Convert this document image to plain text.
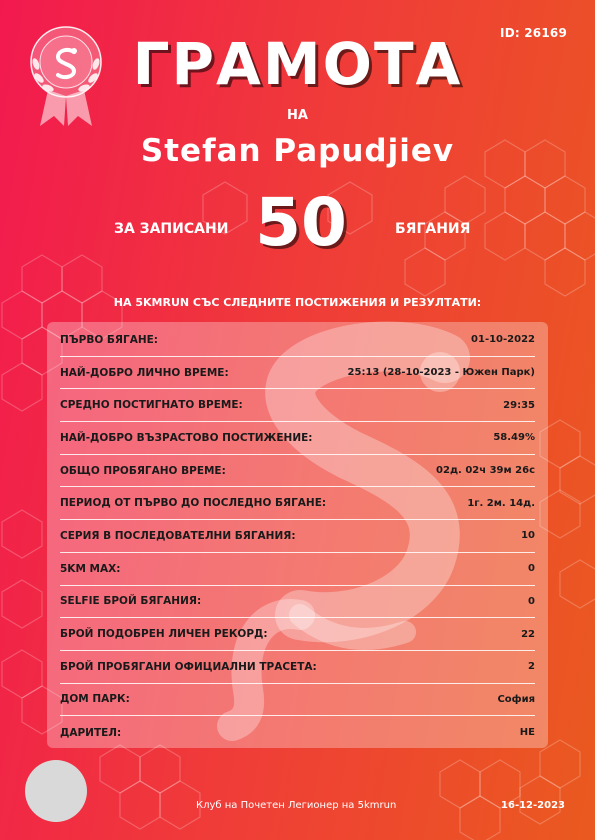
ID: 26169
ГРАМОТА
НА
Stefan Papudjiev
ЗА ЗАПИСАНИ 50	БЯГАНИЯ
НА 5KMRUN СЪС СЛЕДНИТЕ ПОСТИЖЕНИЯ И РЕЗУЛТАТИ:
ПЪРВО БЯГАНЕ:	01-10-2022
НАЙ-ДОБРО ЛИЧНО ВРЕМЕ:	25:13 (28-10-2023 - Южен Парк)
СРЕДНО ПОСТИГНАТО ВРЕМЕ:	29:35
НАЙ-ДОБРО ВЪЗРАСТОВО ПОСТИЖЕНИЕ:	58.49%
ОБЩО ПРОБЯГАНО ВРЕМЕ:	02д. 02ч 39м 26с
ПЕРИОД ОТ ПЪРВО ДО ПОСЛЕДНО БЯГАНЕ:	1г. 2м. 14д.
СЕРИЯ В ПОСЛЕДОВАТЕЛНИ БЯГАНИЯ:	10
5KM MAX:	0
SELFIE БРОЙ БЯГАНИЯ:	0
БРОЙ ПОДОБРЕН ЛИЧЕН РЕКОРД:	22
БРОЙ ПРОБЯГАНИ ОФИЦИАЛНИ ТРАСЕТА:	2
ДОМ ПАРК:	София
ДАРИТЕЛ:	НЕ
Клуб на Почетен Легионер на 5kmrun	16-12-2023
